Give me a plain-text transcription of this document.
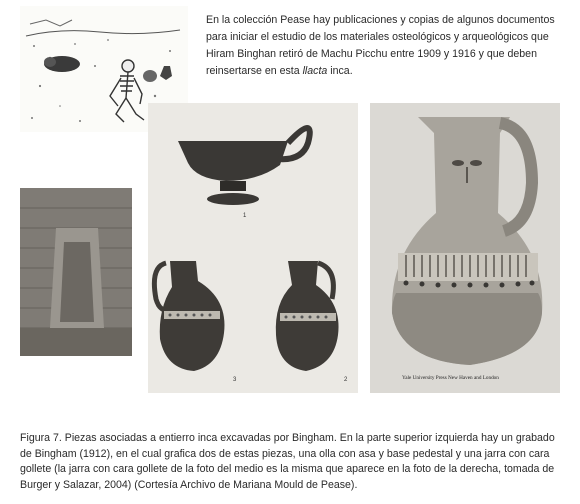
En la colección Pease hay publicaciones y copias de algunos documentos para iniciar el estudio de los materiales osteológicos y arqueológicos que Hiram Binghan retiró de Machu Picchu entre 1909 y 1916 y que deben reinsertarse en esta llacta inca.
1
3	2	Yale University Press New Haven and London
Figura 7. Piezas asociadas a entierro inca excavadas por Bingham. En la parte superior izquierda hay un grabado de Bingham (1912), en el cual grafica dos de estas piezas, una olla con asa y base pedestal y una jarra con cara gollete (la jarra con cara gollete de la foto del medio es la misma que aparece en la foto de la derecha, tomada de Burger y Salazar, 2004) (Cortesía Archivo de Mariana Mould de Pease).
